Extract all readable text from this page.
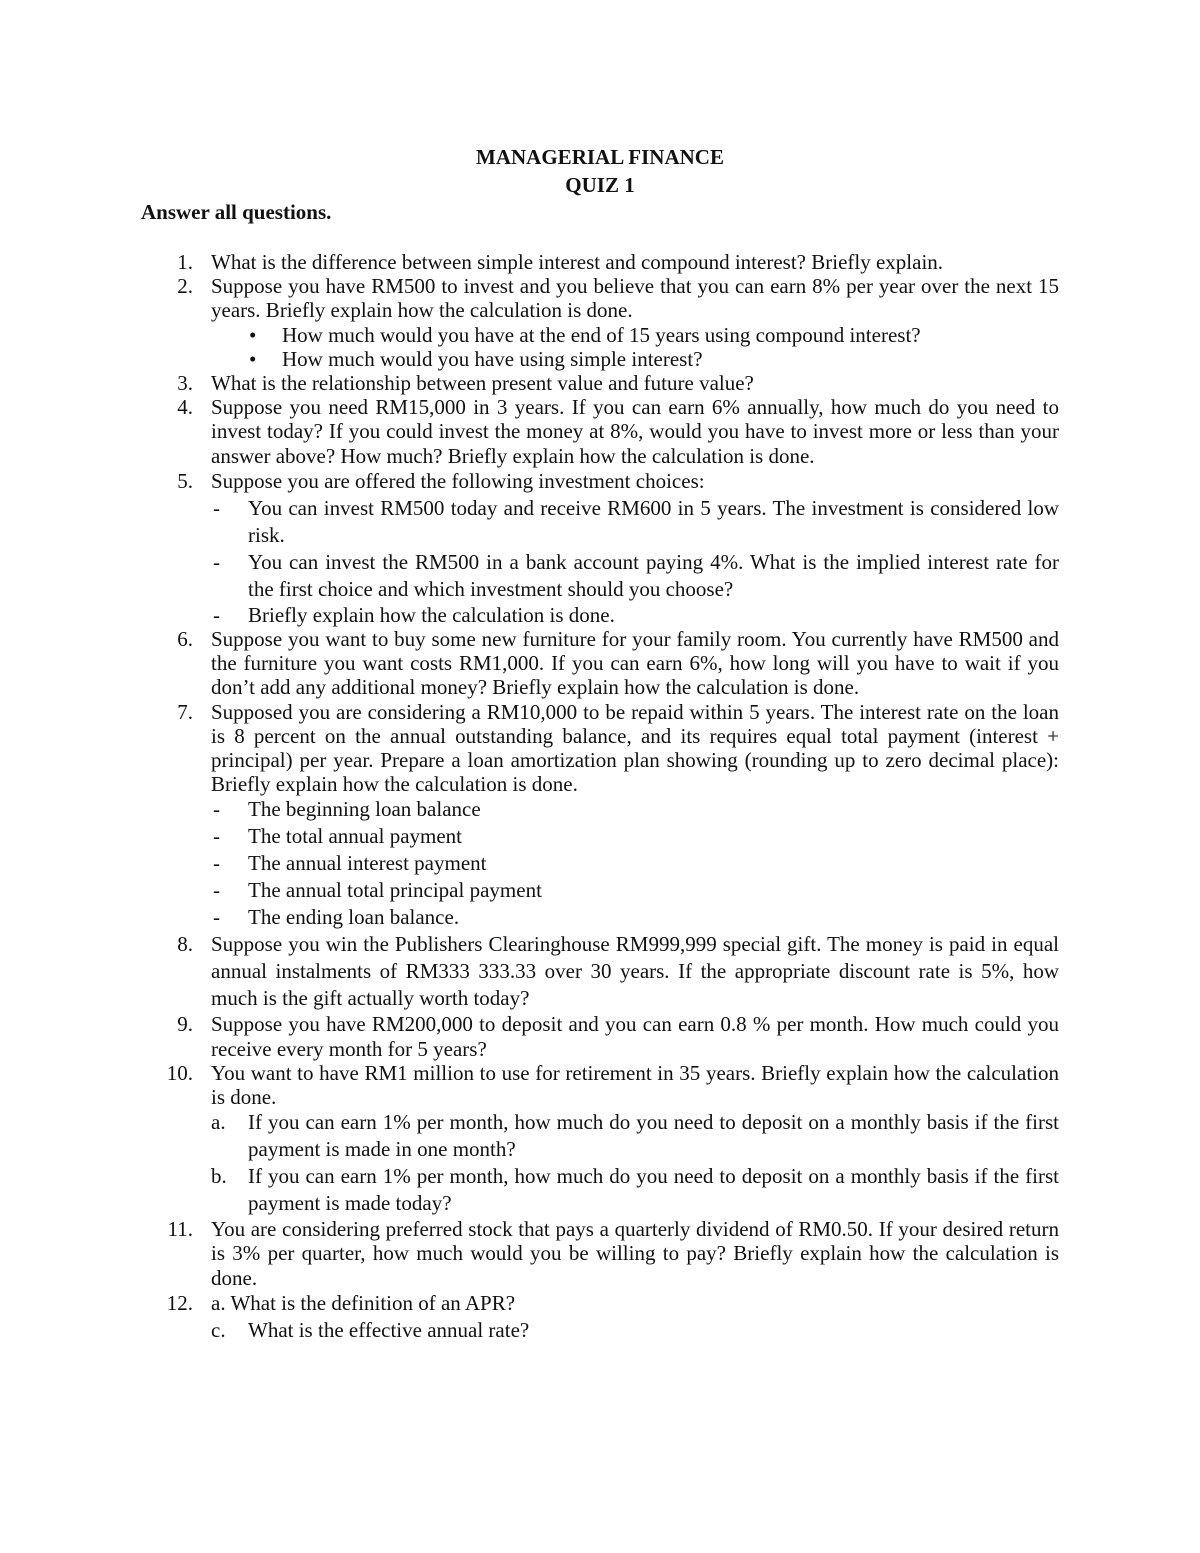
MANAGERIAL FINANCE
QUIZ 1
Answer all questions.
1. What is the difference between simple interest and compound interest? Briefly explain.
2. Suppose you have RM500 to invest and you believe that you can earn 8% per year over the next 15 years. Briefly explain how the calculation is done.
• How much would you have at the end of 15 years using compound interest?
• How much would you have using simple interest?
3. What is the relationship between present value and future value?
4. Suppose you need RM15,000 in 3 years. If you can earn 6% annually, how much do you need to invest today? If you could invest the money at 8%, would you have to invest more or less than your answer above? How much? Briefly explain how the calculation is done.
5. Suppose you are offered the following investment choices:
- You can invest RM500 today and receive RM600 in 5 years. The investment is considered low risk.
- You can invest the RM500 in a bank account paying 4%. What is the implied interest rate for the first choice and which investment should you choose?
- Briefly explain how the calculation is done.
6. Suppose you want to buy some new furniture for your family room. You currently have RM500 and the furniture you want costs RM1,000. If you can earn 6%, how long will you have to wait if you don’t add any additional money? Briefly explain how the calculation is done.
7. Supposed you are considering a RM10,000 to be repaid within 5 years. The interest rate on the loan is 8 percent on the annual outstanding balance, and its requires equal total payment (interest + principal) per year. Prepare a loan amortization plan showing (rounding up to zero decimal place): Briefly explain how the calculation is done.
- The beginning loan balance
- The total annual payment
- The annual interest payment
- The annual total principal payment
- The ending loan balance.
8. Suppose you win the Publishers Clearinghouse RM999,999 special gift. The money is paid in equal annual instalments of RM333 333.33 over 30 years. If the appropriate discount rate is 5%, how much is the gift actually worth today?
9. Suppose you have RM200,000 to deposit and you can earn 0.8 % per month. How much could you receive every month for 5 years?
10. You want to have RM1 million to use for retirement in 35 years. Briefly explain how the calculation is done.
a. If you can earn 1% per month, how much do you need to deposit on a monthly basis if the first payment is made in one month?
b. If you can earn 1% per month, how much do you need to deposit on a monthly basis if the first payment is made today?
11. You are considering preferred stock that pays a quarterly dividend of RM0.50. If your desired return is 3% per quarter, how much would you be willing to pay? Briefly explain how the calculation is done.
12. a. What is the definition of an APR?
c. What is the effective annual rate?
